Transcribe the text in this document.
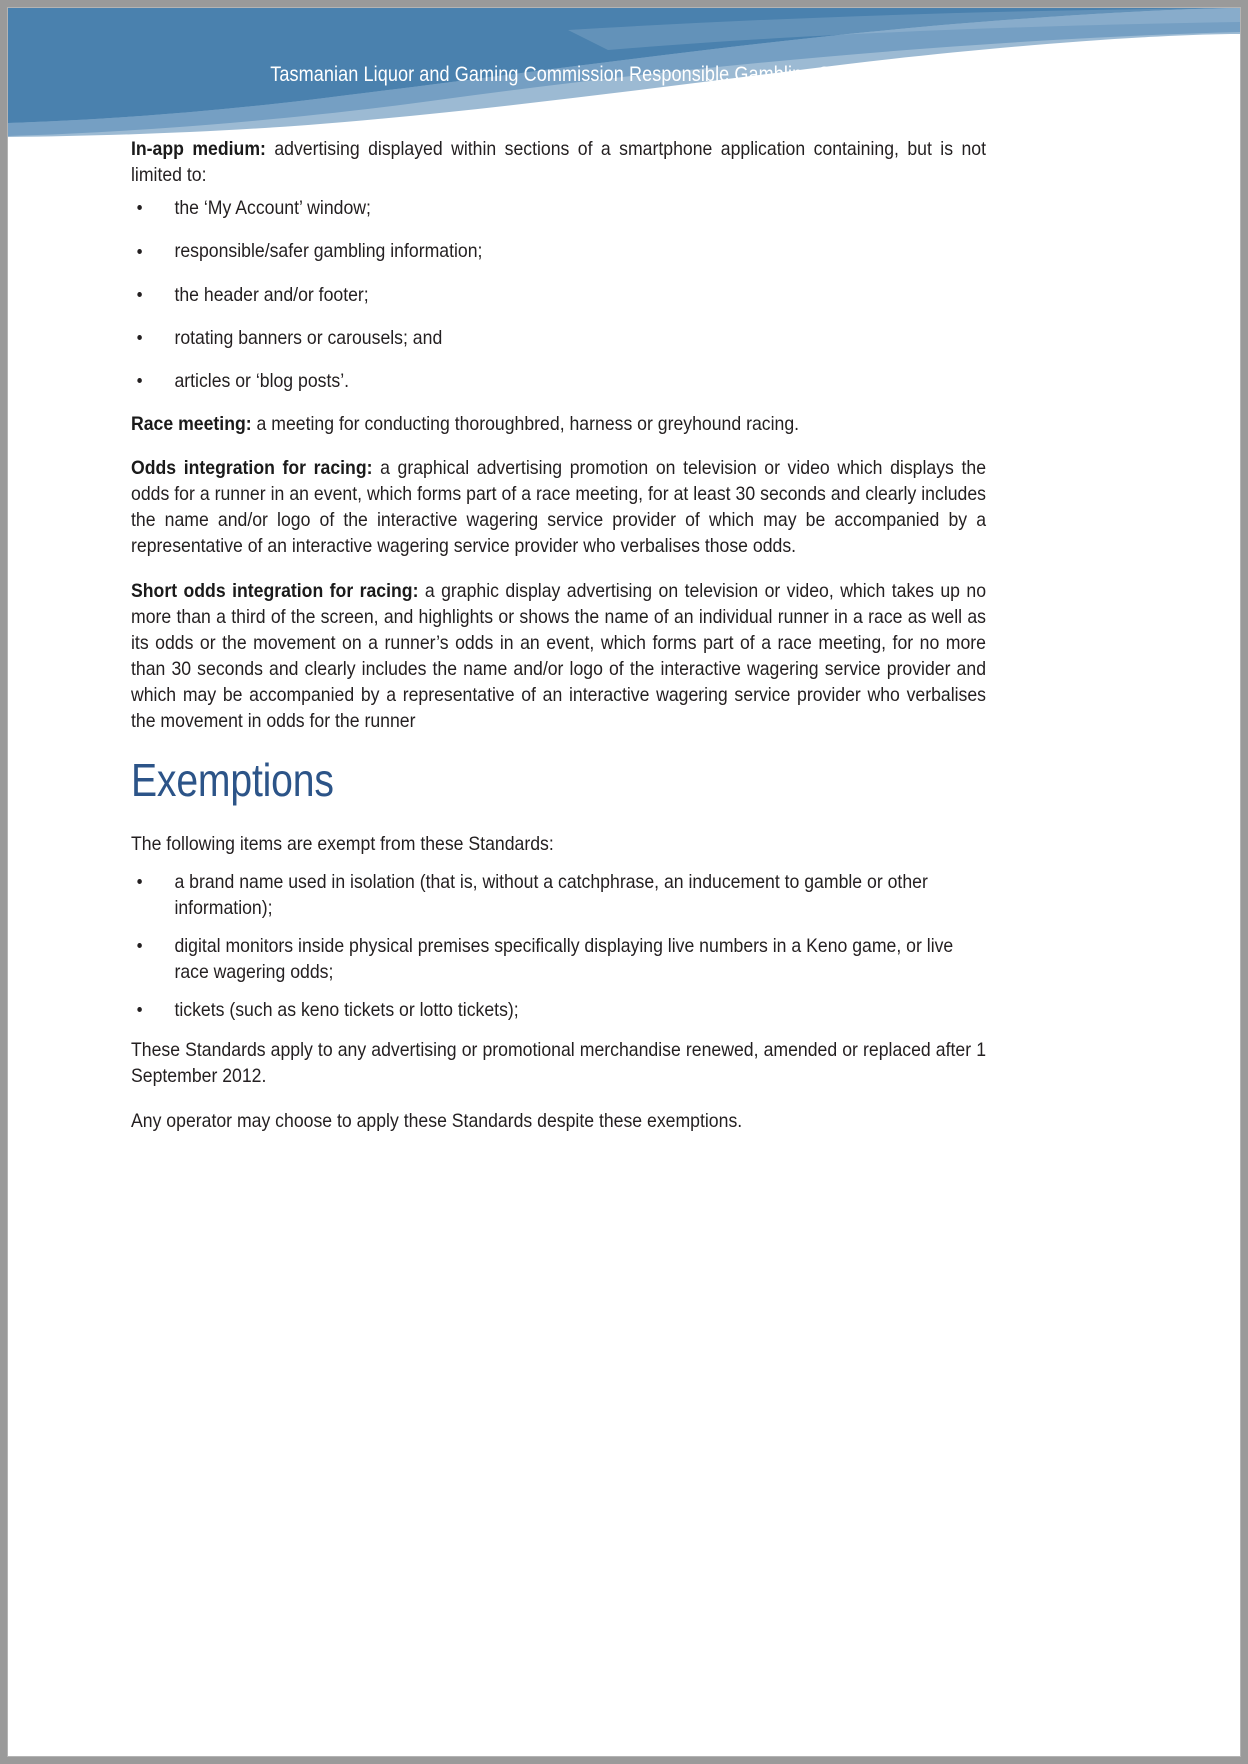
Tasmanian Liquor and Gaming Commission Responsible Gambling Code of Practice 20

In-app medium: advertising displayed within sections of a smartphone application containing, but is not limited to:

the ‘My Account’ window;
responsible/safer gambling information;
the header and/or footer;
rotating banners or carousels; and
articles or ‘blog posts’.

Race meeting: a meeting for conducting thoroughbred, harness or greyhound racing.

Odds integration for racing: a graphical advertising promotion on television or video which displays the odds for a runner in an event, which forms part of a race meeting, for at least 30 seconds and clearly includes the name and/or logo of the interactive wagering service provider of which may be accompanied by a representative of an interactive wagering service provider who verbalises those odds.

Short odds integration for racing: a graphic display advertising on television or video, which takes up no more than a third of the screen, and highlights or shows the name of an individual runner in a race as well as its odds or the movement on a runner’s odds in an event, which forms part of a race meeting, for no more than 30 seconds and clearly includes the name and/or logo of the interactive wagering service provider and which may be accompanied by a representative of an interactive wagering service provider who verbalises the movement in odds for the runner

Exemptions

The following items are exempt from these Standards:

a brand name used in isolation (that is, without a catchphrase, an inducement to gamble or other information);
digital monitors inside physical premises specifically displaying live numbers in a Keno game, or live race wagering odds;
tickets (such as keno tickets or lotto tickets);

These Standards apply to any advertising or promotional merchandise renewed, amended or replaced after 1 September 2012.

Any operator may choose to apply these Standards despite these exemptions.
